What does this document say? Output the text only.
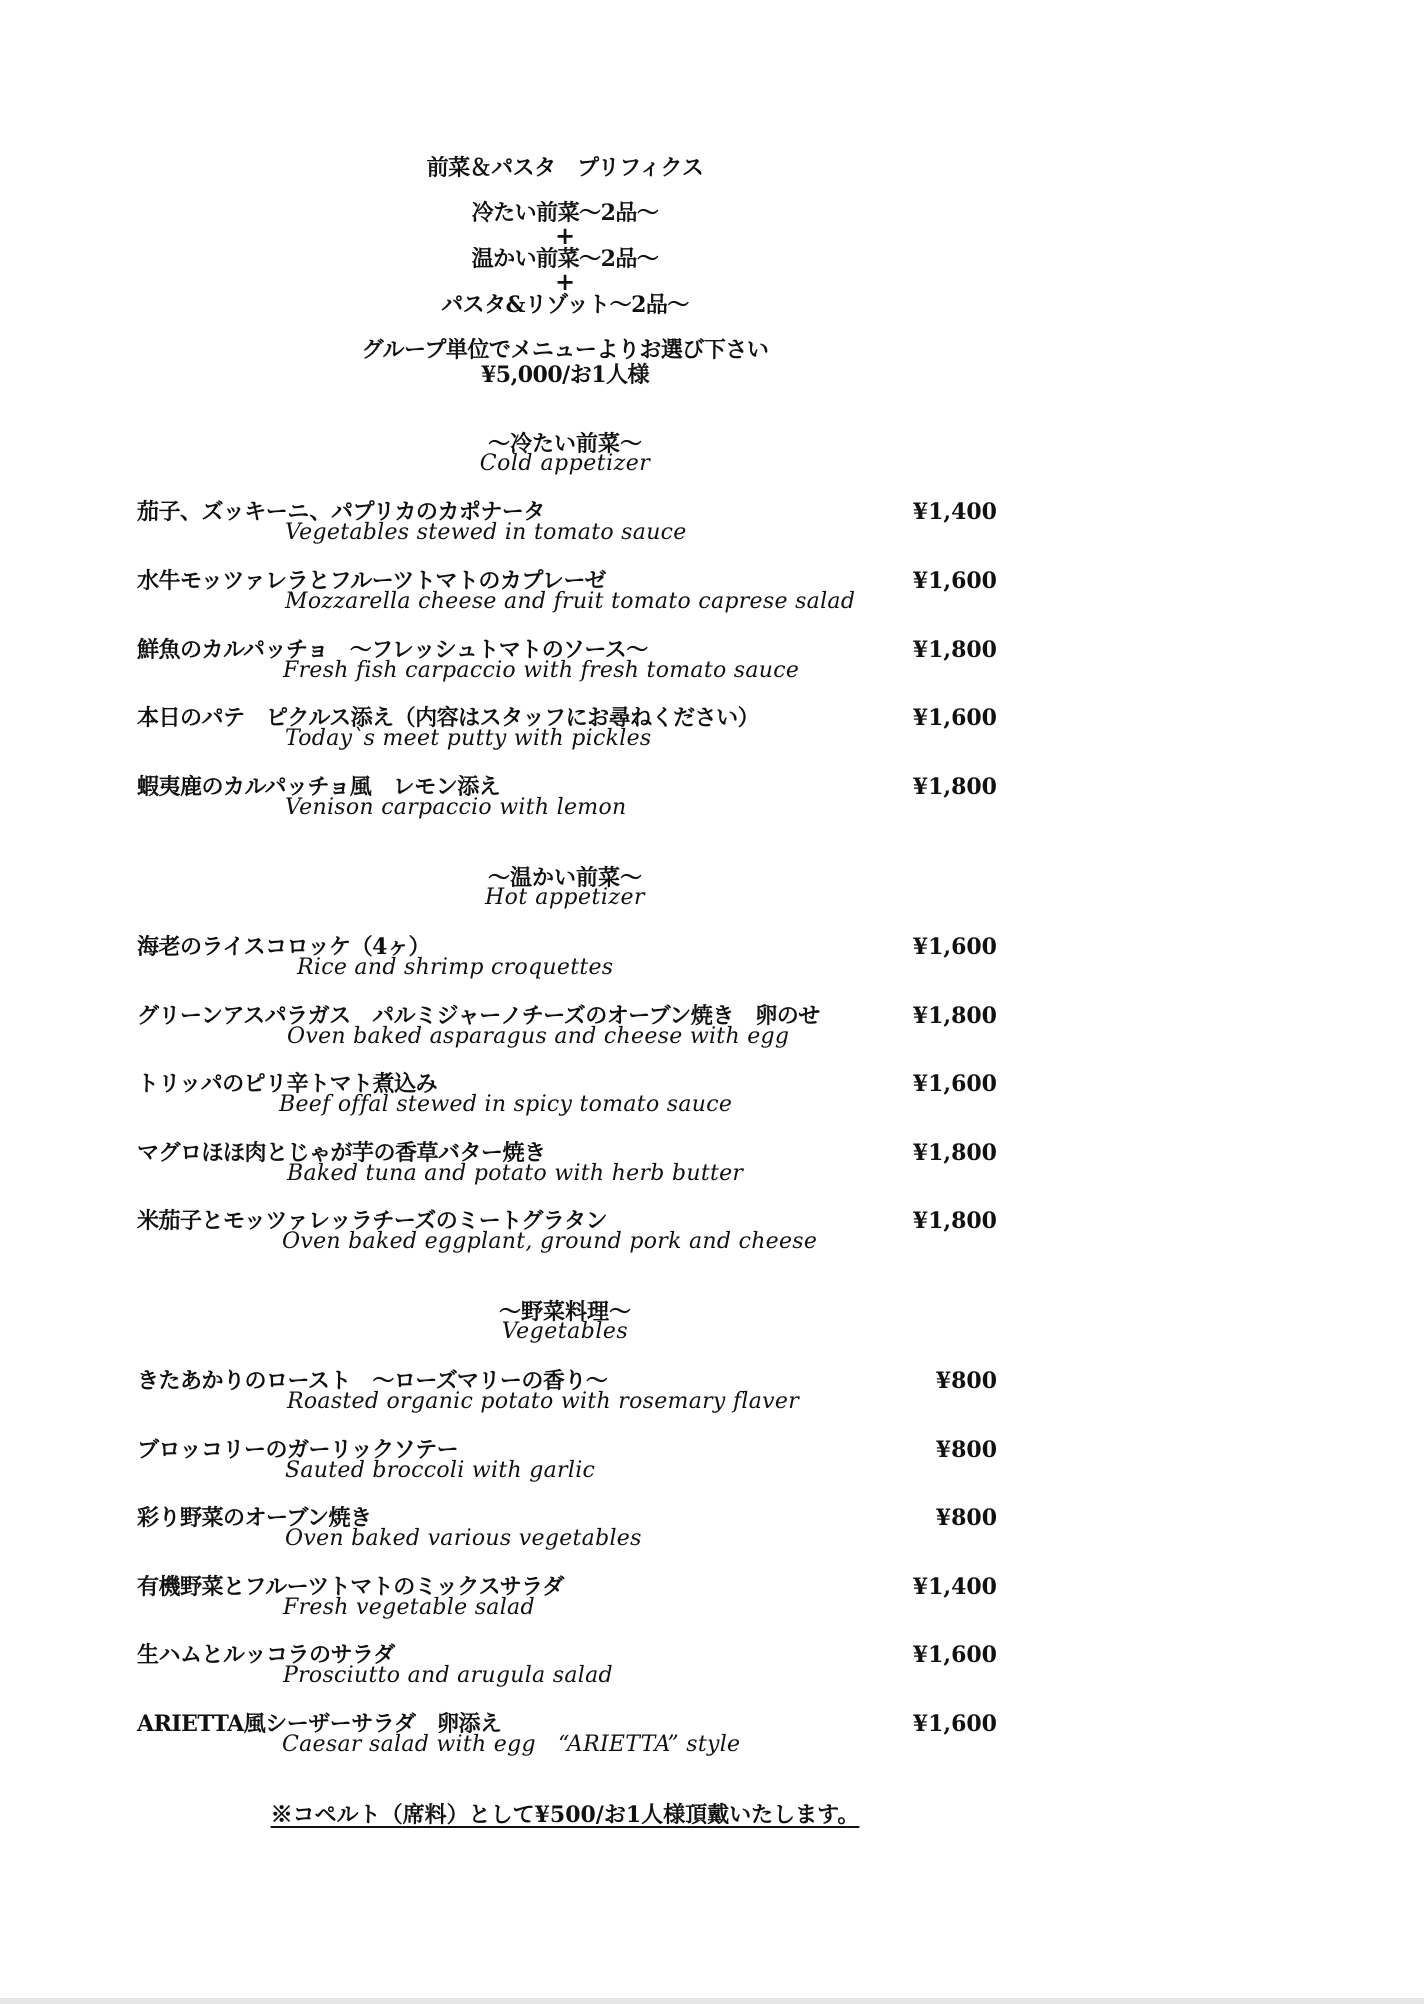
前菜＆パスタ　プリフィクス
冷たい前菜～2品～
+
温かい前菜～2品～
+
パスタ&リゾット～2品～
グループ単位でメニューよりお選び下さい
¥5,000/お1人様
～冷たい前菜～
Cold appetizer
茄子、ズッキーニ、パプリカのカポナータ
Vegetables stewed in tomato sauce
¥1,400
水牛モッツァレラとフルーツトマトのカプレーゼ
Mozzarella cheese and fruit tomato caprese salad
¥1,600
鮮魚のカルパッチョ　～フレッシュトマトのソース～
Fresh fish carpaccio with fresh tomato sauce
¥1,800
本日のパテ　ピクルス添え（内容はスタッフにお尋ねください）
Today`s meet putty with pickles
¥1,600
蝦夷鹿のカルパッチョ風　レモン添え
Venison carpaccio with lemon
¥1,800
～温かい前菜～
Hot appetizer
海老のライスコロッケ（4ヶ）
Rice and shrimp croquettes
¥1,600
グリーンアスパラガス　パルミジャーノチーズのオーブン焼き　卵のせ
Oven baked asparagus and cheese with egg
¥1,800
トリッパのピリ辛トマト煮込み
Beef offal stewed in spicy tomato sauce
¥1,600
マグロほほ肉とじゃが芋の香草バター焼き
Baked tuna and potato with herb butter
¥1,800
米茄子とモッツァレッラチーズのミートグラタン
Oven baked eggplant, ground pork and cheese
¥1,800
～野菜料理～
Vegetables
きたあかりのロースト　～ローズマリーの香り～
Roasted organic potato with rosemary flaver
¥800
ブロッコリーのガーリックソテー
Sauted broccoli with garlic
¥800
彩り野菜のオーブン焼き
Oven baked various vegetables
¥800
有機野菜とフルーツトマトのミックスサラダ
Fresh vegetable salad
¥1,400
生ハムとルッコラのサラダ
Prosciutto and arugula salad
¥1,600
ARIETTA風シーザーサラダ　卵添え
Caesar salad with egg　“ARIETTA” style
¥1,600
※コペルト（席料）として¥500/お1人様頂戴いたします。
